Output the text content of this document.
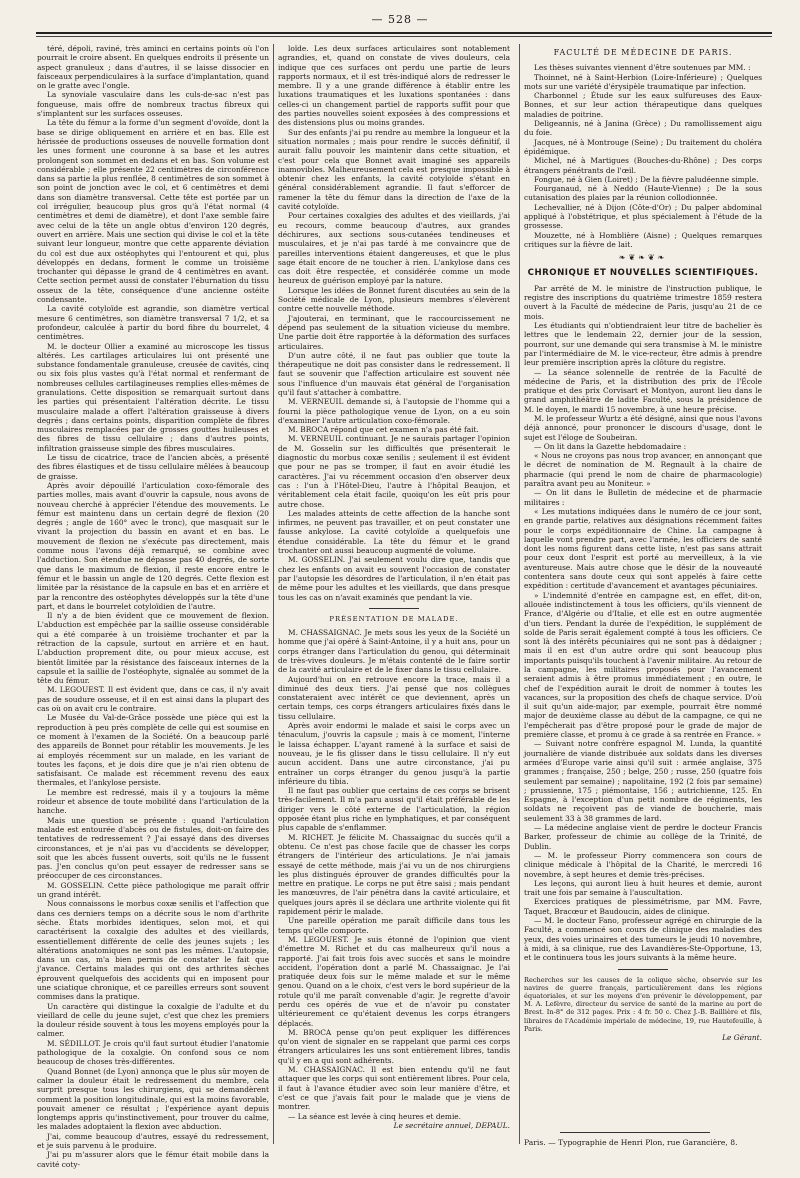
— 528 —

téré, dépoli, raviné, très aminci en certains points où l'on pourrait le croire absent. En quelques endroits il présente un aspect granuleux ; dans d'autres, il se laisse dissocier en faisceaux perpendiculaires à la surface d'implantation, quand on le gratte avec l'ongle.

La synoviale vasculaire dans les culs-de-sac n'est pas fongueuse, mais offre de nombreux tractus fibreux qui s'implantent sur les surfaces osseuses.

La tête du fémur a la forme d'un segment d'ovoïde, dont la base se dirige obliquement en arrière et en bas. Elle est hérissée de productions osseuses de nouvelle formation dont les unes forment une couronne à sa base et les autres prolongent son sommet en dedans et en bas. Son volume est considérable ; elle présente 22 centimètres de circonférence dans sa partie la plus renflée, 8 centimètres de son sommet à son point de jonction avec le col, et 6 centimètres et demi dans son diamètre transversal. Cette tête est portée par un col irrégulier, beaucoup plus gros qu'à l'état normal (4 centimètres et demi de diamètre), et dont l'axe semble faire avec celui de la tête un angle obtus d'environ 120 degrés, ouvert en arrière. Mais une section qui divise le col et la tête suivant leur longueur, montre que cette apparente déviation du col est due aux ostéophytes qui l'entourent et qui, plus développés en dedans, forment le comme un troisième trochanter qui dépasse le grand de 4 centimètres en avant. Cette section permet aussi de constater l'éburnation du tissu osseux de la tête, conséquence d'une ancienne ostéite condensante.

La cavité cotyloïde est agrandie, son diamètre vertical mesure 6 centimètres, son diamètre transversal 7 1/2, et sa profondeur, calculée à partir du bord fibre du bourrelet, 4 centimètres.

M. le docteur Ollier a examiné au microscope les tissus altérés. Les cartilages articulaires lui ont présenté une substance fondamentale granuleuse, creusée de cavités, cinq ou six fois plus vastes qu'à l'état normal et renfermant de nombreuses cellules cartilagineuses remplies elles-mêmes de granulations. Cette disposition se remarquait surtout dans les parties qui présentaient l'altération décrite. Le tissu musculaire malade a offert l'altération graisseuse à divers degrés ; dans certains points, disparition complète de fibres musculaires remplacées par de grosses gouttes huileuses et des fibres de tissu cellulaire ; dans d'autres points, infiltration graisseuse simple des fibres musculaires.

Le tissu de cicatrice, trace de l'ancien abcès, a présenté des fibres élastiques et de tissu cellulaire mêlées à beaucoup de graisse.

Après avoir dépouillé l'articulation coxo-fémorale des parties molles, mais avant d'ouvrir la capsule, nous avons de nouveau cherché à apprécier l'étendue des mouvements. Le fémur est maintenu dans un certain degré de flexion (20 degrés ; angle de 160° avec le tronc), que masquait sur le vivant la projection du bassin en avant et en bas. Le mouvement de flexion ne s'exécute pas directement, mais comme nous l'avons déjà remarqué, se combine avec l'adduction. Son étendue ne dépasse pas 40 degrés, de sorte que dans le maximum de flexion, il reste encore entre le fémur et le bassin un angle de 120 degrés. Cette flexion est limitée par la résistance de la capsule en bas et en arrière et par la rencontre des ostéophytes développés sur la tête d'une part, et dans le bourrelet cotyloïdien de l'autre.

Il n'y a de bien évident que ce mouvement de flexion. L'abduction est empêchée par la saillie osseuse considérable qui a été comparée à un troisième trochanter et par la rétraction de la capsule, surtout en arrière et en haut. L'abduction proprement dite, ou pour mieux accuse, est bientôt limitée par la résistance des faisceaux internes de la capsule et la saillie de l'ostéophyte, signalée au sommet de la tête du fémur.

M. LEGOUEST. Il est évident que, dans ce cas, il n'y avait pas de soudure osseuse, et il en est ainsi dans la plupart des cas où on avait cru le contraire.

Le Musée du Val-de-Grâce possède une pièce qui est la reproduction à peu près complète de celle qui est soumise en ce moment à l'examen de la Société. On a beaucoup parlé des appareils de Bonnet pour rétablir les mouvements. Je les ai employés récemment sur un malade, en les variant de toutes les façons, et je dois dire que je n'ai rien obtenu de satisfaisant. Ce malade est récemment revenu des eaux thermales, et l'ankylose persiste.

Le membre est redressé, mais il y a toujours la même roideur et absence de toute mobilité dans l'articulation de la hanche.

Mais une question se présente : quand l'articulation malade est entourée d'abcès ou de fistules, doit-on faire des tentatives de redressement ? J'ai essayé dans des diverses circonstances, et je n'ai pas vu d'accidents se développer, soit que les abcès fussent ouverts, soit qu'ils ne le fussent pas. J'en conclus qu'on peut essayer de redresser sans se préoccuper de ces circonstances.

M. GOSSELIN. Cette pièce pathologique me paraît offrir un grand intérêt.

Nous connaissons le morbus coxæ senilis et l'affection que dans ces derniers temps on a décrite sous le nom d'arthrite sèche. États morbides identiques, selon moi, et qui caractérisent la coxalgie des adultes et des vieillards, essentiellement différente de celle des jeunes sujets ; les altérations anatomiques ne sont pas les mêmes. L'autopsie, dans un cas, m'a bien permis de constater le fait que j'avance. Certains malades qui ont des arthrites sèches éprouvent quelquefois des accidents qui en imposent pour une sciatique chronique, et ce pareilles erreurs sont souvent commises dans la pratique.

Un caractère qui distingue la coxalgie de l'adulte et du vieillard de celle du jeune sujet, c'est que chez les premiers la douleur réside souvent à tous les moyens employés pour la calmer.

M. SÉDILLOT. Je crois qu'il faut surtout étudier l'anatomie pathologique de la coxalgie. On confond sous ce nom beaucoup de choses très-différentes.

Quand Bonnet (de Lyon) annonça que le plus sûr moyen de calmer la douleur était le redressement du membre, cela surprit presque tous les chirurgiens, qui se demandèrent comment la position longitudinale, qui est la moins favorable, pouvait amener ce résultat ; l'expérience ayant depuis longtemps appris qu'instinctivement, pour trouver du calme, les malades adoptaient la flexion avec abduction.

J'ai, comme beaucoup d'autres, essayé du redressement, et je suis parvenu à le produire.

J'ai pu m'assurer alors que le fémur était mobile dans la cavité coty-

loïde. Les deux surfaces articulaires sont notablement agrandies, et, quand on constate de vives douleurs, cela indique que ces surfaces ont perdu une partie de leurs rapports normaux, et il est très-indiqué alors de redresser le membre. Il y a une grande différence à établir entre les luxations traumatiques et les luxations spontanées : dans celles-ci un changement partiel de rapports suffit pour que des parties nouvelles soient exposées à des compressions et des distensions plus ou moins grandes.

Sur des enfants j'ai pu rendre au membre la longueur et la situation normales ; mais pour rendre le succès définitif, il aurait fallu pouvoir les maintenir dans cette situation, et c'est pour cela que Bonnet avait imaginé ses appareils inamovibles. Malheureusement cela est presque impossible à obtenir chez les enfants, la cavité cotyloïde s'étant en général considérablement agrandie. Il faut s'efforcer de ramener la tête du fémur dans la direction de l'axe de la cavité cotyloïde.

Pour certaines coxalgies des adultes et des vieillards, j'ai eu recours, comme beaucoup d'autres, aux grandes déchirures, aux sections sous-cutanées tendineuses et musculaires, et je n'ai pas tardé à me convaincre que de pareilles interventions étaient dangereuses, et que le plus sage était encore de ne toucher à rien. L'ankylose dans ces cas doit être respectée, et considérée comme un mode heureux de guérison employé par la nature.

Lorsque les idées de Bonnet furent discutées au sein de la Société médicale de Lyon, plusieurs membres s'élevèrent contre cette nouvelle méthode.

J'ajouterai, en terminant, que le raccourcissement ne dépend pas seulement de la situation vicieuse du membre. Une partie doit être rapportée à la déformation des surfaces articulaires.

D'un autre côté, il ne faut pas oublier que toute la thérapeutique ne doit pas consister dans le redressement. Il faut se souvenir que l'affection articulaire est souvent née sous l'influence d'un mauvais état général de l'organisation qu'il faut s'attacher à combattre.

M. VERNEUIL demande si, à l'autopsie de l'homme qui a fourni la pièce pathologique venue de Lyon, on a eu soin d'examiner l'autre articulation coxo-fémorale.

M. BROCA répond que cet examen n'a pas été fait.

M. VERNEUIL continuant. Je ne saurais partager l'opinion de M. Gosselin sur les difficultés que présenterait le diagnostic du morbus coxæ senilis ; seulement il est évident que pour ne pas se tromper, il faut en avoir étudié les caractères. J'ai vu récemment occasion d'en observer deux cas : l'un à l'Hôtel-Dieu, l'autre à l'hôpital Beaujon, et véritablement cela était facile, quoiqu'on les eût pris pour autre chose.

Les malades atteints de cette affection de la hanche sont infirmes, ne peuvent pas travailler, et on peut constater une fausse ankylose. La cavité cotyloïde a quelquefois une étendue considérable. La tête du fémur et le grand trochanter ont aussi beaucoup augmenté de volume.

M. GOSSELIN. J'ai seulement voulu dire que, tandis que chez les enfants on avait eu souvent l'occasion de constater par l'autopsie les désordres de l'articulation, il n'en était pas de même pour les adultes et les vieillards, que dans presque tous les cas on n'avait examinés que pendant la vie.

PRÉSENTATION DE MALADE.

M. CHASSAIGNAC. Je mets sous les yeux de la Société un homme que j'ai opéré à Saint-Antoine, il y a huit ans, pour un corps étranger dans l'articulation du genou, qui déterminait de très-vives douleurs. Je m'étais contenté de le faire sortir de la cavité articulaire et de le fixer dans le tissu cellulaire.

Aujourd'hui on en retrouve encore la trace, mais il a diminué des deux tiers. J'ai pensé que nos collègues constateraient avec intérêt ce que deviennent, après un certain temps, ces corps étrangers articulaires fixés dans le tissu cellulaire.

Après avoir endormi le malade et saisi le corps avec un ténaculum, j'ouvris la capsule ; mais à ce moment, l'interne le laissa échapper. L'ayant ramené à la surface et saisi de nouveau, je le fis glisser dans le tissu cellulaire. Il n'y eut aucun accident. Dans une autre circonstance, j'ai pu entraîner un corps étranger du genou jusqu'à la partie inférieure du tibia.

Il ne faut pas oublier que certains de ces corps se brisent très-facilement. Il m'a paru aussi qu'il était préférable de les diriger vers le côté externe de l'articulation, la région opposée étant plus riche en lymphatiques, et par conséquent plus capable de s'enflammer.

M. RICHET. Je félicite M. Chassaignac du succès qu'il a obtenu. Ce n'est pas chose facile que de chasser les corps étrangers de l'intérieur des articulations. Je n'ai jamais essayé de cette méthode, mais j'ai vu un de nos chirurgiens les plus distingués éprouver de grandes difficultés pour la mettre en pratique. Le corps ne put être saisi ; mais pendant les manœuvres, de l'air pénétra dans la cavité articulaire, et quelques jours après il se déclara une arthrite violente qui fit rapidement périr le malade.

Une pareille opération me paraît difficile dans tous les temps qu'elle comporte.

M. LEGOUEST. Je suis étonné de l'opinion que vient d'émettre M. Richet et du cas malheureux qu'il nous a rapporté. J'ai fait trois fois avec succès et sans le moindre accident, l'opération dont a parlé M. Chassaignac. Je l'ai pratiquée deux fois sur le même malade et sur le même genou. Quand on a le choix, c'est vers le bord supérieur de la rotule qu'il me paraît convenable d'agir. Je regrette d'avoir perdu ces opérés de vue et de n'avoir pu constater ultérieurement ce qu'étaient devenus les corps étrangers déplacés.

M. BROCA pense qu'on peut expliquer les différences qu'on vient de signaler en se rappelant que parmi ces corps étrangers articulaires les uns sont entièrement libres, tandis qu'il y en a qui sont adhérents.

M. CHASSAIGNAC. Il est bien entendu qu'il ne faut attaquer que les corps qui sont entièrement libres. Pour cela, il faut à l'avance étudier avec soin leur manière d'être, et c'est ce que j'avais fait pour le malade que je viens de montrer.

— La séance est levée à cinq heures et demie.

Le secrétaire annuel, DEPAUL.

FACULTÉ DE MÉDECINE DE PARIS.

Les thèses suivantes viennent d'être soutenues par MM. :

Thoinnet, né à Saint-Herbion (Loire-Inférieure) ; Quelques mots sur une variété d'érysipèle traumatique par infection.

Charbonnel ; Étude sur les eaux sulfureuses des Eaux-Bonnes, et sur leur action thérapeutique dans quelques maladies de poitrine.

Deligeannis, né à Janina (Grèce) ; Du ramollissement aigu du foie.

Jacques, né à Montrouge (Seine) ; Du traitement du choléra épidémique.

Michel, né à Martigues (Bouches-du-Rhône) ; Des corps étrangers pénétrants de l'œil.

Fongue, né à Gien (Loiret) ; De la fièvre paludéenne simple.

Fourganaud, né à Neddo (Haute-Vienne) ; De la sous cutanisation des plaies par la réunion collodionnée.

Lechevallier, né à Dijon (Côte-d'Or) ; Du palper abdominal appliqué à l'obstétrique, et plus spécialement à l'étude de la grossesse.

Mouzette, né à Homblière (Aisne) ; Quelques remarques critiques sur la fièvre de lait.

❧❦❧❦❧
CHRONIQUE ET NOUVELLES SCIENTIFIQUES.

Par arrêté de M. le ministre de l'instruction publique, le registre des inscriptions du quatrième trimestre 1859 restera ouvert à la Faculté de médecine de Paris, jusqu'au 21 de ce mois.

Les étudiants qui n'obtiendraient leur titre de bachelier ès lettres que le lendemain 22, dernier jour de la session, pourront, sur une demande qui sera transmise à M. le ministre par l'intermédiaire de M. le vice-recteur, être admis à prendre leur première inscription après la clôture du registre.

— La séance solennelle de rentrée de la Faculté de médecine de Paris, et la distribution des prix de l'École pratique et des prix Corvisart et Montyon, auront lieu dans le grand amphithéâtre de ladite Faculté, sous la présidence de M. le doyen, le mardi 15 novembre, à une heure précise.

M. le professeur Wurtz a été désigné, ainsi que nous l'avons déjà annoncé, pour prononcer le discours d'usage, dont le sujet est l'éloge de Soubeiran.

— On lit dans la Gazette hebdomadaire :

« Nous ne croyons pas nous trop avancer, en annonçant que le décret de nomination de M. Regnault à la chaire de pharmacie (qui prend le nom de chaire de pharmacologie) paraîtra avant peu au Moniteur. »

— On lit dans le Bulletin de médecine et de pharmacie militaires :

« Les mutations indiquées dans le numéro de ce jour sont, en grande partie, relatives aux désignations récemment faites pour le corps expéditionnaire de Chine. La campagne à laquelle vont prendre part, avec l'armée, les officiers de santé dont les noms figurent dans cette liste, n'est pas sans attrait pour ceux dont l'esprit est porté au merveilleux, à la vie aventureuse. Mais autre chose que le désir de la nouveauté contentera sans doute ceux qui sont appelés à faire cette expédition : certitude d'avancement et avantages pécuniaires.

» L'indemnité d'entrée en campagne est, en effet, dit-on, allouée indistinctement à tous les officiers, qu'ils viennent de France, d'Algérie ou d'Italie, et elle est en outre augmentée d'un tiers. Pendant la durée de l'expédition, le supplément de solde de Paris serait également compté à tous les officiers. Ce sont là des intérêts pécuniaires qui ne sont pas à dédaigner ; mais il en est d'un autre ordre qui sont beaucoup plus importants puisqu'ils touchent à l'avenir militaire. Au retour de la campagne, les militaires proposés pour l'avancement seraient admis à être promus immédiatement ; en outre, le chef de l'expédition aurait le droit de nommer à toutes les vacances, sur la proposition des chefs de chaque service. D'où il suit qu'un aide-major, par exemple, pourrait être nommé major de deuxième classe au début de la campagne, ce qui ne l'empêcherait pas d'être proposé pour le grade de major de première classe, et promu à ce grade à sa rentrée en France. »

— Suivant notre confrère espagnol M. Lunda, la quantité journalière de viande distribuée aux soldats dans les diverses armées d'Europe varie ainsi qu'il suit : armée anglaise, 375 grammes ; française, 250 ; belge, 250 ; russe, 250 (quatre fois seulement par semaine) ; napolitaine, 192 (2 fois par semaine) ; prussienne, 175 ; piémontaise, 156 ; autrichienne, 125. En Espagne, à l'exception d'un petit nombre de régiments, les soldats ne reçoivent pas de viande de boucherie, mais seulement 33 à 38 grammes de lard.

— La médecine anglaise vient de perdre le docteur Francis Barker, professeur de chimie au collège de la Trinité, de Dublin.

— M. le professeur Piorry commencera son cours de clinique médicale à l'hôpital de la Charité, le mercredi 16 novembre, à sept heures et demie très-précises.

Les leçons, qui auront lieu à huit heures et demie, auront trait une fois par semaine à l'auscultation.

Exercices pratiques de plessimétrisme, par MM. Favre, Taquet, Bracœur et Baudoucin, aides de clinique.

— M. le docteur Fano, professeur agrégé en chirurgie de la Faculté, a commencé son cours de clinique des maladies des yeux, des voies urinaires et des tumeurs le jeudi 10 novembre, à midi, à sa clinique, rue des Lavandières-Ste-Opportune, 13, et le continuera tous les jours suivants à la même heure.

Recherches sur les causes de la colique sèche, observée sur les navires de guerre français, particulièrement dans les régions équatoriales, et sur les moyens d'en prévenir le développement, par M. A. Lefèvre, directeur du service de santé de la marine au port de Brest. In-8° de 312 pages. Prix : 4 fr. 50 c. Chez J.-B. Baillière et fils, libraires de l'Académie impériale de médecine, 19, rue Hautefeuille, à Paris.

Le Gérant.

Paris. — Typographie de Henri Plon, rue Garancière, 8.
